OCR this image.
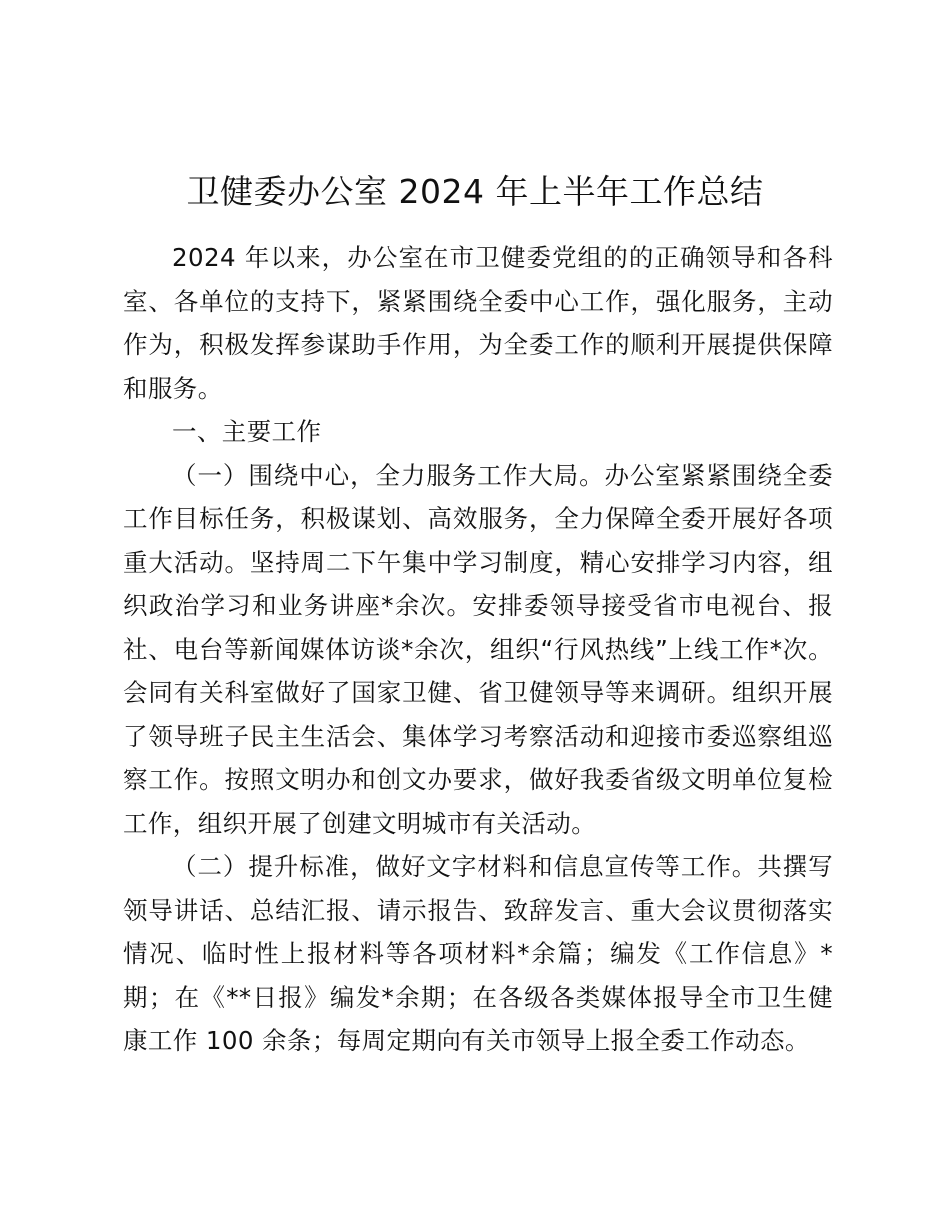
卫健委办公室 2024 年上半年工作总结

2024 年以来，办公室在市卫健委党组的的正确领导和各科室、各单位的支持下，紧紧围绕全委中心工作，强化服务，主动作为，积极发挥参谋助手作用，为全委工作的顺利开展提供保障和服务。

一、主要工作

（一）围绕中心，全力服务工作大局。办公室紧紧围绕全委工作目标任务，积极谋划、高效服务，全力保障全委开展好各项重大活动。坚持周二下午集中学习制度，精心安排学习内容，组织政治学习和业务讲座*余次。安排委领导接受省市电视台、报社、电台等新闻媒体访谈*余次，组织“行风热线”上线工作*次。会同有关科室做好了国家卫健、省卫健领导等来调研。组织开展了领导班子民主生活会、集体学习考察活动和迎接市委巡察组巡察工作。按照文明办和创文办要求，做好我委省级文明单位复检工作，组织开展了创建文明城市有关活动。

（二）提升标准，做好文字材料和信息宣传等工作。共撰写领导讲话、总结汇报、请示报告、致辞发言、重大会议贯彻落实情况、临时性上报材料等各项材料*余篇；编发《工作信息》*期；在《**日报》编发*余期；在各级各类媒体报导全市卫生健康工作 100 余条；每周定期向有关市领导上报全委工作动态。
